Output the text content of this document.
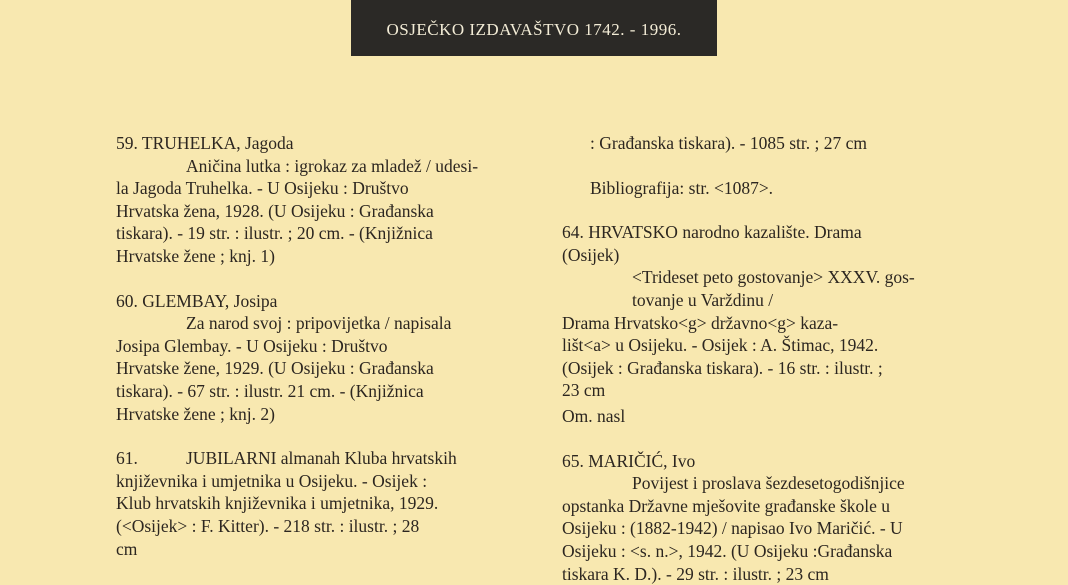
OSJEČKO IZDAVAŠTVO 1742. - 1996.
59. TRUHELKA, Jagoda
Aničina lutka : igrokaz za mladež / udesi-
la Jagoda Truhelka. - U Osijeku : Društvo
Hrvatska žena, 1928. (U Osijeku : Građanska
tiskara). - 19 str. : ilustr. ; 20 cm. - (Knjižnica
Hrvatske žene ; knj. 1)
60. GLEMBAY, Josipa
Za narod svoj : pripovijetka / napisala
Josipa Glembay. - U Osijeku : Društvo
Hrvatske žene, 1929. (U Osijeku : Građanska
tiskara). - 67 str. : ilustr. 21 cm. - (Knjižnica
Hrvatske žene ; knj. 2)
61.	JUBILARNI almanah Kluba hrvatskih
književnika i umjetnika u Osijeku. - Osijek :
Klub hrvatskih književnika i umjetnika, 1929.
(<Osijek> : F. Kitter). - 218 str. : ilustr. ; 28
cm
: Građanska tiskara). - 1085 str. ; 27 cm
Bibliografija: str. <1087>.
64. HRVATSKO narodno kazalište. Drama
(Osijek)
<Trideset peto gostovanje> XXXV. gos-
tovanje u Varždinu /
Drama Hrvatsko<g> državno<g> kaza-
lišt<a> u Osijeku. - Osijek : A. Štimac, 1942.
(Osijek : Građanska tiskara). - 16 str. : ilustr. ;
23 cm
Om. nasl
65. MARIČIĆ, Ivo
Povijest i proslava šezdesetogodišnjice
opstanka Državne mješovite građanske škole u
Osijeku : (1882-1942) / napisao Ivo Maričić. - U
Osijeku : <s. n.>, 1942. (U Osijeku :Građanska
tiskara K. D.). - 29 str. : ilustr. ; 23 cm
